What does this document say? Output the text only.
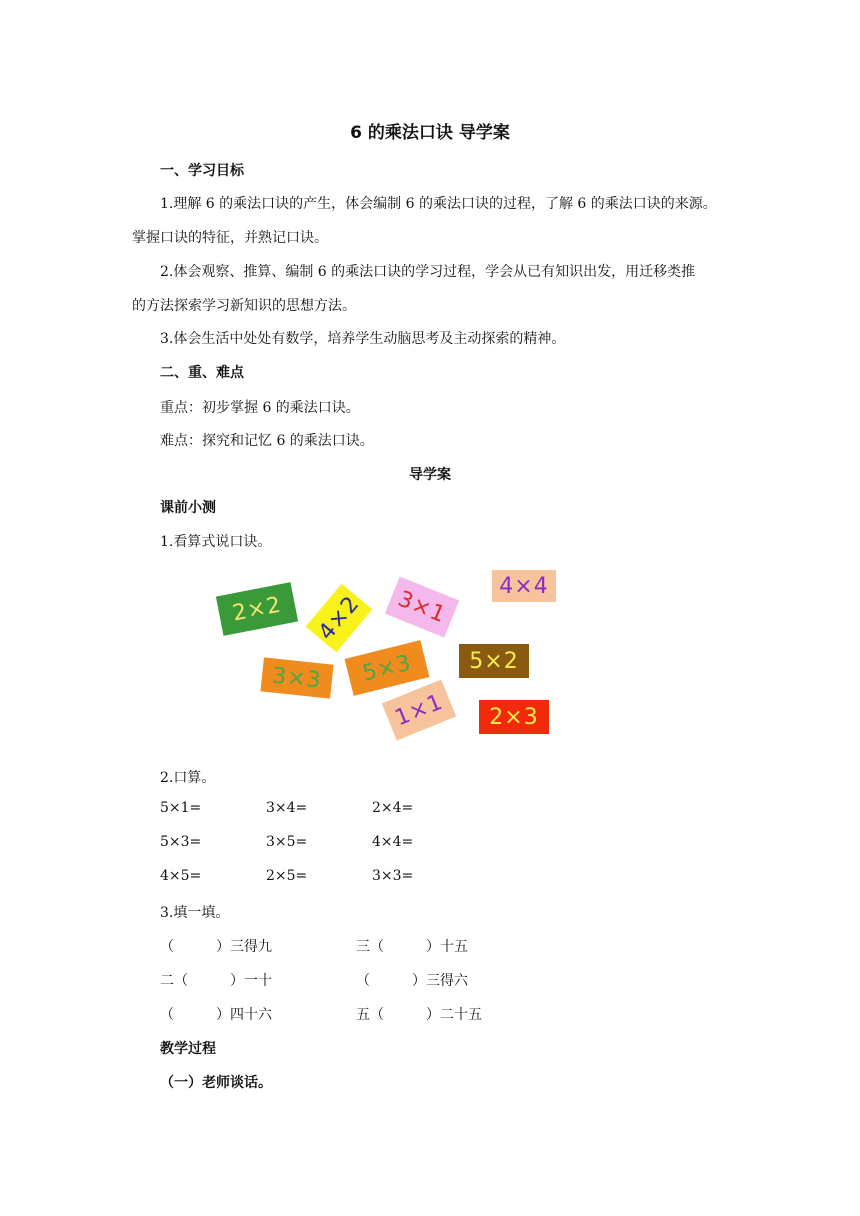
6 的乘法口诀 导学案
一、学习目标
1.理解 6 的乘法口诀的产生，体会编制 6 的乘法口诀的过程，了解 6 的乘法口诀的来源。
掌握口诀的特征，并熟记口诀。
2.体会观察、推算、编制 6 的乘法口诀的学习过程，学会从已有知识出发，用迁移类推
的方法探索学习新知识的思想方法。
3.体会生活中处处有数学，培养学生动脑思考及主动探索的精神。
二、重、难点
重点：初步掌握 6 的乘法口诀。
难点：探究和记忆 6 的乘法口诀。
导学案
课前小测
1.看算式说口诀。
2×2	4×2	3×1
4×4
3×3	5×3	5×2
1×1	2×3
2.口算。
5×1=	3×4=	2×4=
5×3=	3×5=	4×4=
4×5=	2×5=	3×3=
3.填一填。
（　　　）三得九	三（　　　）十五
二（　　　）一十	（　　　）三得六
（　　　）四十六	五（　　　）二十五
教学过程
（一）老师谈话。
